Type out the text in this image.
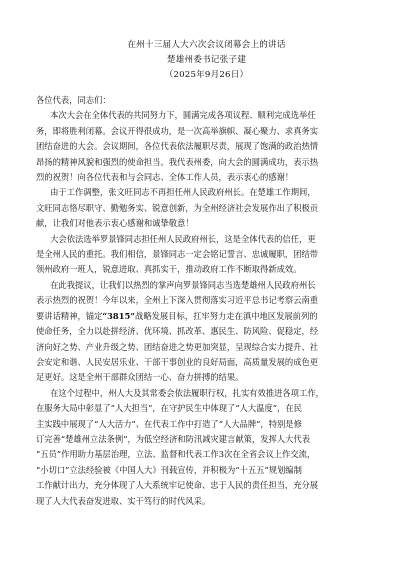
在州十三届人大六次会议闭幕会上的讲话
楚雄州委书记张子建
（2025年9月26日）
各位代表，同志们：
本次大会在全体代表的共同努力下，圆满完成各项议程、顺利完成选举任
务，即将胜利闭幕。会议开得很成功，是一次高举旗帜、凝心聚力、求真务实
团结奋进的大会。会议期间，各位代表依法履职尽责，展现了饱满的政治热情
昂扬的精神风貌和强烈的使命担当。我代表州委，向大会的圆满成功，表示热
烈的祝贺！向各位代表和与会同志、全体工作人员，表示衷心的感谢！
由于工作调整，张文旺同志不再担任州人民政府州长。在楚雄工作期间，
文旺同志恪尽职守、勤勉务实、锐意创新，为全州经济社会发展作出了积极贡
献，让我们对他表示衷心感谢和诚挚敬意！
大会依法选举罗景锋同志担任州人民政府州长，这是全体代表的信任，更
是全州人民的重托。我们相信，景锋同志一定会铭记誓言、忠诚履职，团结带
领州政府一班人，锐意进取、真抓实干，推动政府工作不断取得新成效。
在此我提议，让我们以热烈的掌声向罗景锋同志当选楚雄州人民政府州长
表示热烈的祝贺！今年以来，全州上下深入贯彻落实习近平总书记考察云南重
要讲话精神，锚定“3815”战略发展目标，扛牢努力走在滇中地区发展前列的
使命任务，全力以赴拼经济、优环境、抓改革、惠民生、防风险、促稳定，经
济向好之势、产业升级之势、团结奋进之势更加突显，呈现综合实力提升、社
会安定和谐、人民安居乐业、干部干事创业的良好局面，高质量发展的成色更
足更好。这是全州干部群众团结一心、奋力拼搏的结果。
在这个过程中，州人大及其常委会依法履职行权，扎实有效推进各项工作，
在服务大局中彰显了“人大担当”，在守护民生中体现了“人大温度”，在民
主实践中展现了“人大活力”、在代表工作中打造了“人大品牌”，特别是修
订完善“楚雄州立法条例”，为低空经济和防汛减灾建言献策，发挥人大代表
“五员”作用助力基层治理，立法、监督和代表工作3次在全省会议上作交流，
“小切口”立法经验被《中国人大》刊载宣传，并积极为“十五五”规划编制
工作献计出力，充分体现了人大系统牢记使命、忠于人民的责任担当，充分展
现了人大代表奋发进取、实干笃行的时代风采。
